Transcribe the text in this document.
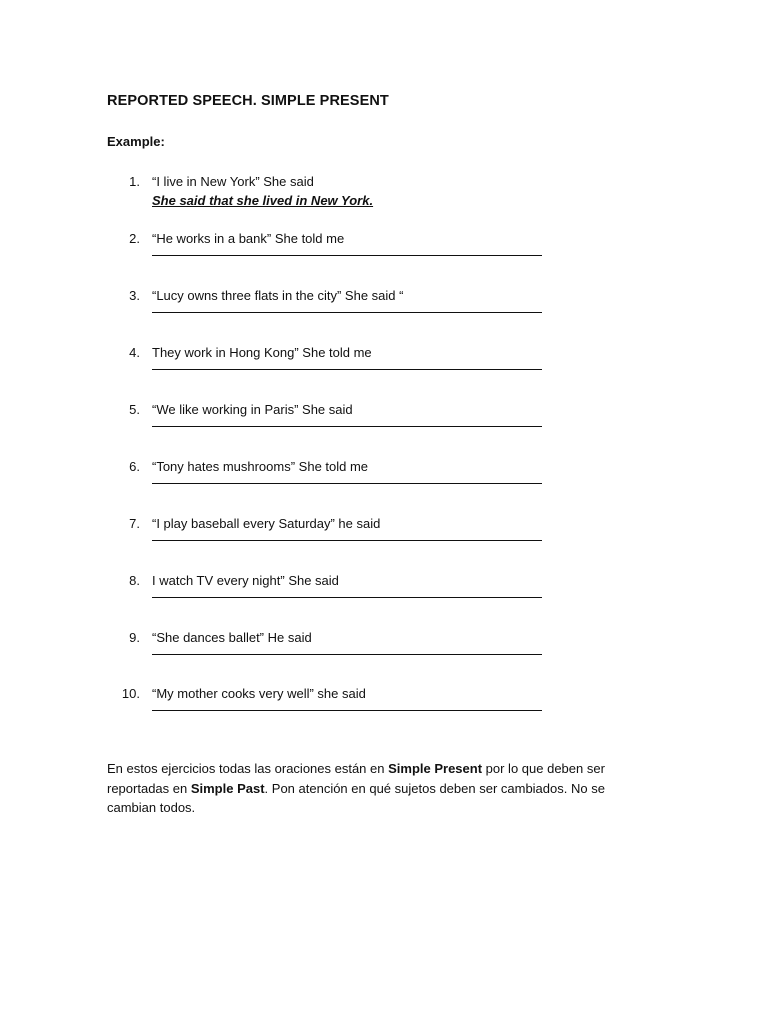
REPORTED SPEECH. SIMPLE PRESENT
Example:
1. “I live in New York” She said
She said that she lived in New York.
2. “He works in a bank” She told me
3. “Lucy owns three flats in the city” She said “
4. They work in Hong Kong” She told me
5. “We like working in Paris” She said
6. “Tony hates mushrooms” She told me
7. “I play baseball every Saturday” he said
8. I watch TV every night” She said
9. “She dances ballet” He said
10. “My mother cooks very well” she said
En estos ejercicios todas las oraciones están en Simple Present por lo que deben ser reportadas en Simple Past. Pon atención en qué sujetos deben ser cambiados. No se cambian todos.
